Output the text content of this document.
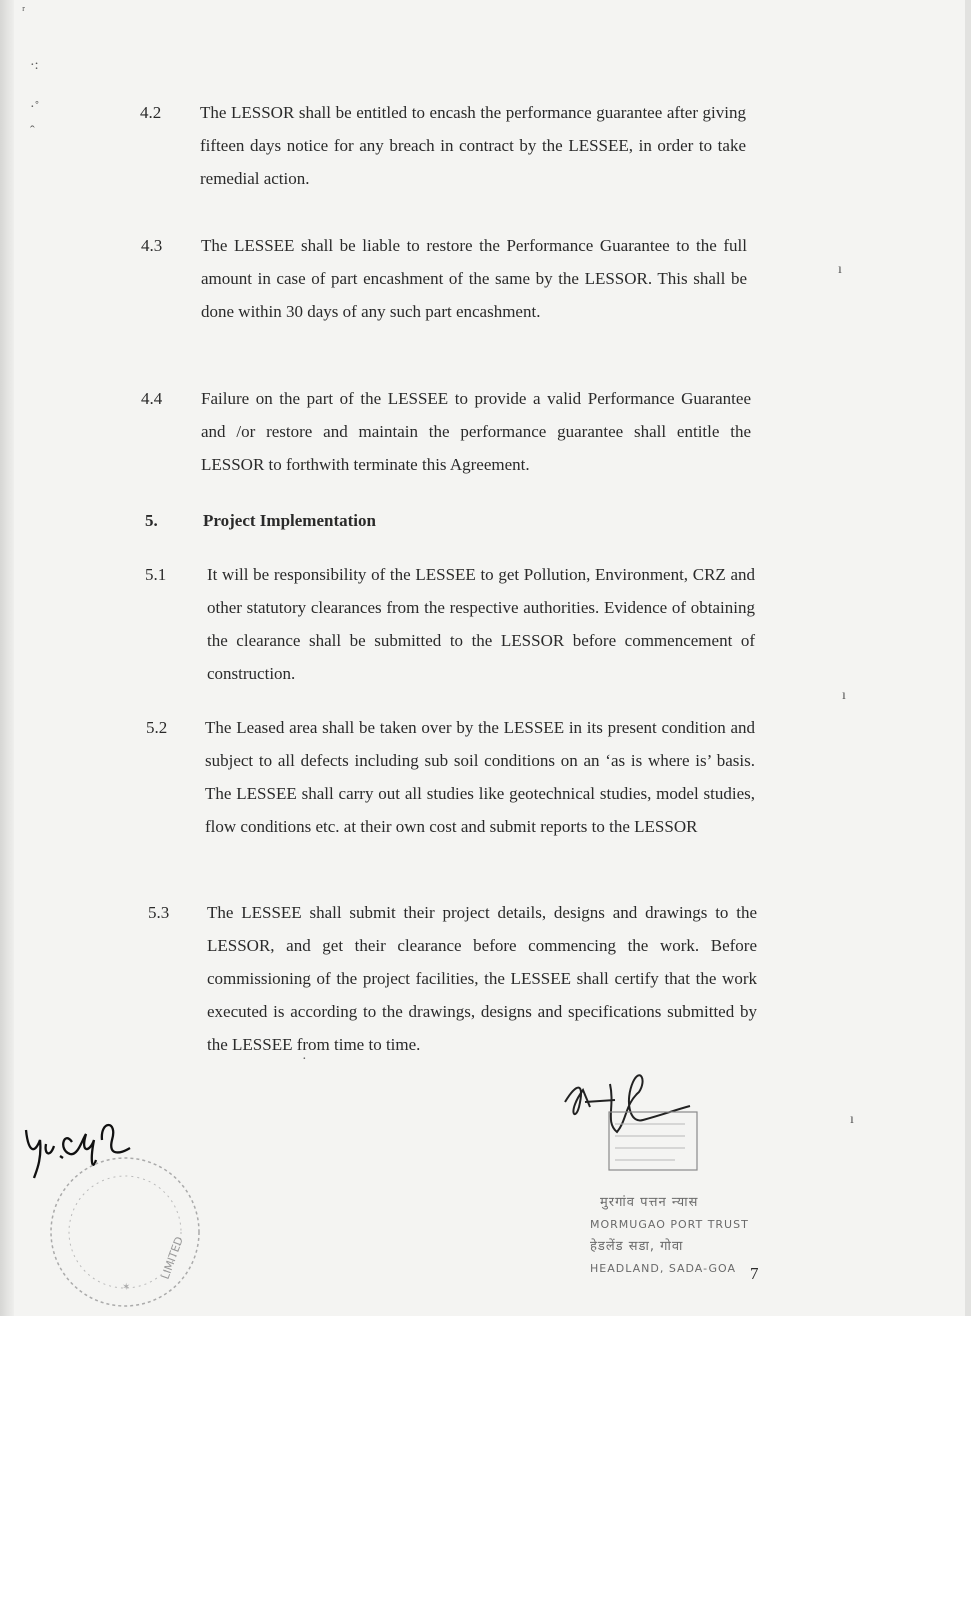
ʳ
·:
·˚
ˆ
ı
ı
ı
·
4.2 The LESSOR shall be entitled to encash the performance guarantee after giving fifteen days notice for any breach in contract by the LESSEE, in order to take remedial action.

4.3 The LESSEE shall be liable to restore the Performance Guarantee to the full amount in case of part encashment of the same by the LESSOR. This shall be done within 30 days of any such part encashment.

4.4 Failure on the part of the LESSEE to provide a valid Performance Guarantee and /or restore and maintain the performance guarantee shall entitle the LESSOR to forthwith terminate this Agreement.

5.	Project Implementation
5.1 It will be responsibility of the LESSEE to get Pollution, Environment, CRZ and other statutory clearances from the respective authorities. Evidence of obtaining the clearance shall be submitted to the LESSOR before commencement of construction.

5.2 The Leased area shall be taken over by the LESSEE in its present condition and subject to all defects including sub soil conditions on an ‘as is where is’ basis. The LESSEE shall carry out all studies like geotechnical studies, model studies, flow conditions etc. at their own cost and submit reports to the LESSOR

5.3 The LESSEE shall submit their project details, designs and drawings to the LESSOR, and get their clearance before commencing the work. Before commissioning of the project facilities, the LESSEE shall certify that the work executed is according to the drawings, designs and specifications submitted by the LESSEE from time to time.

मुरगांव पत्तन न्यास
MORMUGAO PORT TRUST
हेडलेंड सडा, गोवा
HEADLAND, SADA-GOA
LIMITED
✶
7
